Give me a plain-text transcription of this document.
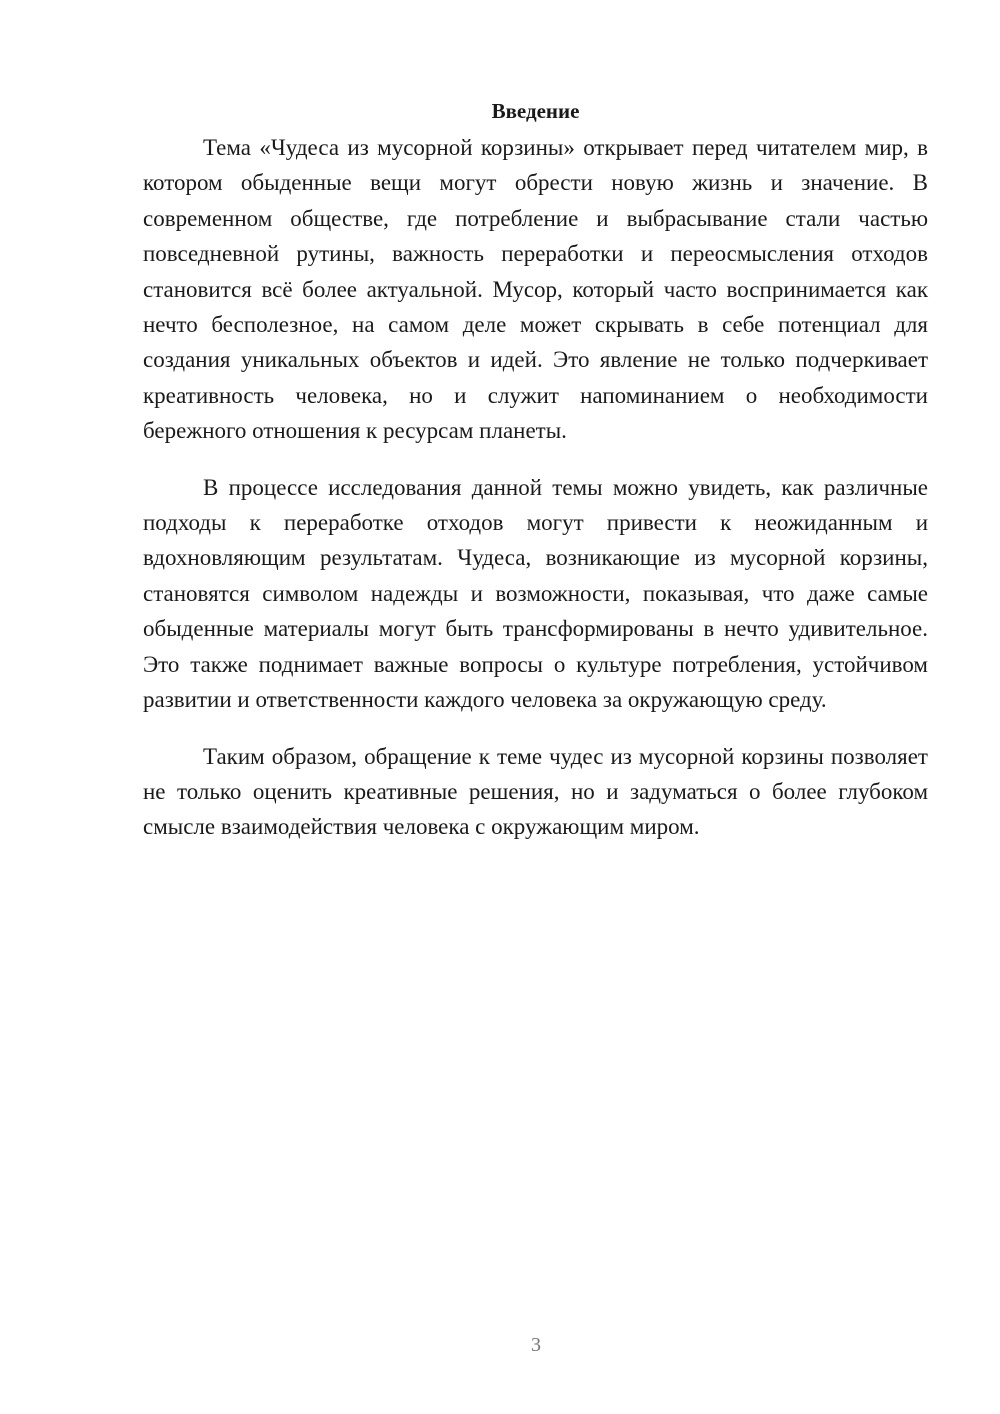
Введение

Тема «Чудеса из мусорной корзины» открывает перед читателем мир, в котором обыденные вещи могут обрести новую жизнь и значение. В современном обществе, где потребление и выбрасывание стали частью повседневной рутины, важность переработки и переосмысления отходов становится всё более актуальной. Мусор, который часто воспринимается как нечто бесполезное, на самом деле может скрывать в себе потенциал для создания уникальных объектов и идей. Это явление не только подчеркивает креативность человека, но и служит напоминанием о необходимости бережного отношения к ресурсам планеты.

В процессе исследования данной темы можно увидеть, как различные подходы к переработке отходов могут привести к неожиданным и вдохновляющим результатам. Чудеса, возникающие из мусорной корзины, становятся символом надежды и возможности, показывая, что даже самые обыденные материалы могут быть трансформированы в нечто удивительное. Это также поднимает важные вопросы о культуре потребления, устойчивом развитии и ответственности каждого человека за окружающую среду.

Таким образом, обращение к теме чудес из мусорной корзины позволяет не только оценить креативные решения, но и задуматься о более глубоком смысле взаимодействия человека с окружающим миром.

3
